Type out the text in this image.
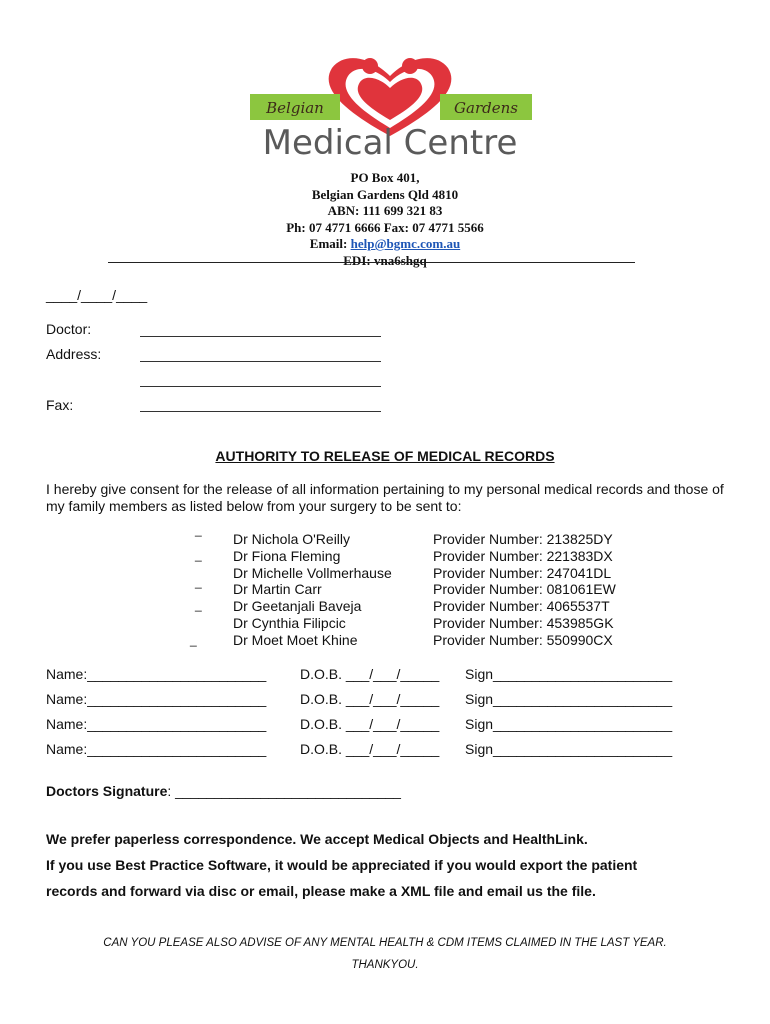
Belgian	Gardens
Medical Centre
PO Box 401,
Belgian Gardens Qld 4810
ABN: 111 699 321 83
Ph: 07 4771 6666 Fax: 07 4771 5566
Email: help@bgmc.com.au
EDI: vna6shgq
____/____/____
Doctor:
Address:
Fax:
AUTHORITY TO RELEASE OF MEDICAL RECORDS
I hereby give consent for the release of all information pertaining to my personal medical records and those of my family members as listed below from your surgery to be sent to:
_
_
_
_
_
Dr Nichola O'Reilly	Provider Number: 213825DY
Dr Fiona Fleming	Provider Number: 221383DX
Dr Michelle Vollmerhause	Provider Number: 247041DL
Dr Martin Carr	Provider Number: 081061EW
Dr Geetanjali Baveja	Provider Number: 4065537T
Dr Cynthia Filipcic	Provider Number: 453985GK
Dr Moet Moet Khine	Provider Number: 550990CX
Name:_______________________ D.O.B. ___/___/_____ Sign_______________________
Name:_______________________ D.O.B. ___/___/_____ Sign_______________________
Name:_______________________ D.O.B. ___/___/_____ Sign_______________________
Name:_______________________ D.O.B. ___/___/_____ Sign_______________________
Doctors Signature: _____________________________
We prefer paperless correspondence. We accept Medical Objects and HealthLink.
If you use Best Practice Software, it would be appreciated if you would export the patient
records and forward via disc or email, please make a XML file and email us the file.
CAN YOU PLEASE ALSO ADVISE OF ANY MENTAL HEALTH & CDM ITEMS CLAIMED IN THE LAST YEAR.
THANKYOU.
